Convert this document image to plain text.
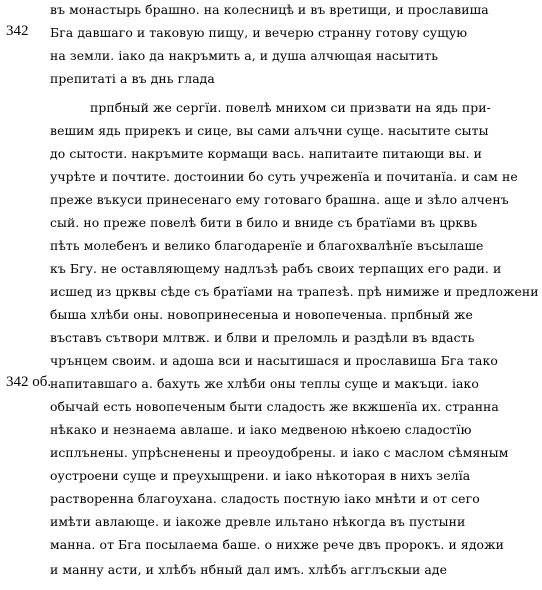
342
342 об.
въ монастырь брашно. на колесницѣ и въ вретищи, и прославиша
Бга давшаго и таковую пищу, и вечерю странну готову сущую
на земли. іако да накръмить а, и душа алчющая насытить
препитаті а въ днь глада
прпбный же сергїи. повелѣ мнихом си призвати на ядь при-
вешим ядь прирекъ и сице, вы сами алъчни суще. насытите сыты
до сытости. накръмите кормащи вась. напитаите питающи вы. и
учрѣте и почтите. достоинии бо суть учреженїа и почитанїа. и сам не
преже въкуси принесенаго ему готоваго брашна. аще и зѣло алченъ
сый. но преже повелѣ бити в било и вниде съ братїами въ црквь
пѣть молебенъ и велико благодаренїе и благохвалѣнїе въсылаше
къ Бгу. не оставляющему надлъзѣ рабъ своих терпащих его ради. и
исшед из црквы сѣде съ братїами на трапезѣ. прѣ нимиже и предложени
быша хлѣби оны. новопринесеныа и новопеченыа. прпбный же
въставъ сътвори млтвж. и блви и преломль и раздѣли въ вдасть
чрънцем своим. и адоша вси и насытишася и прославиша Бга тако
напитавшаго а. бахуть же хлѣби оны теплы суще и макъци. іако
обычай есть новопеченым быти сладость же вкжшенїа их. странна
нѣкако и незнаема авлаше. и іако медвеною нѣкоею сладостїю
исплънены. упрѣсненены и преоудобрены. и іако с маслом сѣмяным
оустроени суще и преухыщрени. и іако нѣкоторая в нихъ зелїа
растворенна благоухана. сладость постную іако мнѣти и от сего
имѣти авлающе. и іакоже древле ильтано нѣкогда въ пустыни
манна. от Бга посылаема баше. о нихже рече двъ пророкъ. и ядожи
и манну асти, и хлѣбъ нбный дал имъ. хлѣбъ агглъскыи аде
